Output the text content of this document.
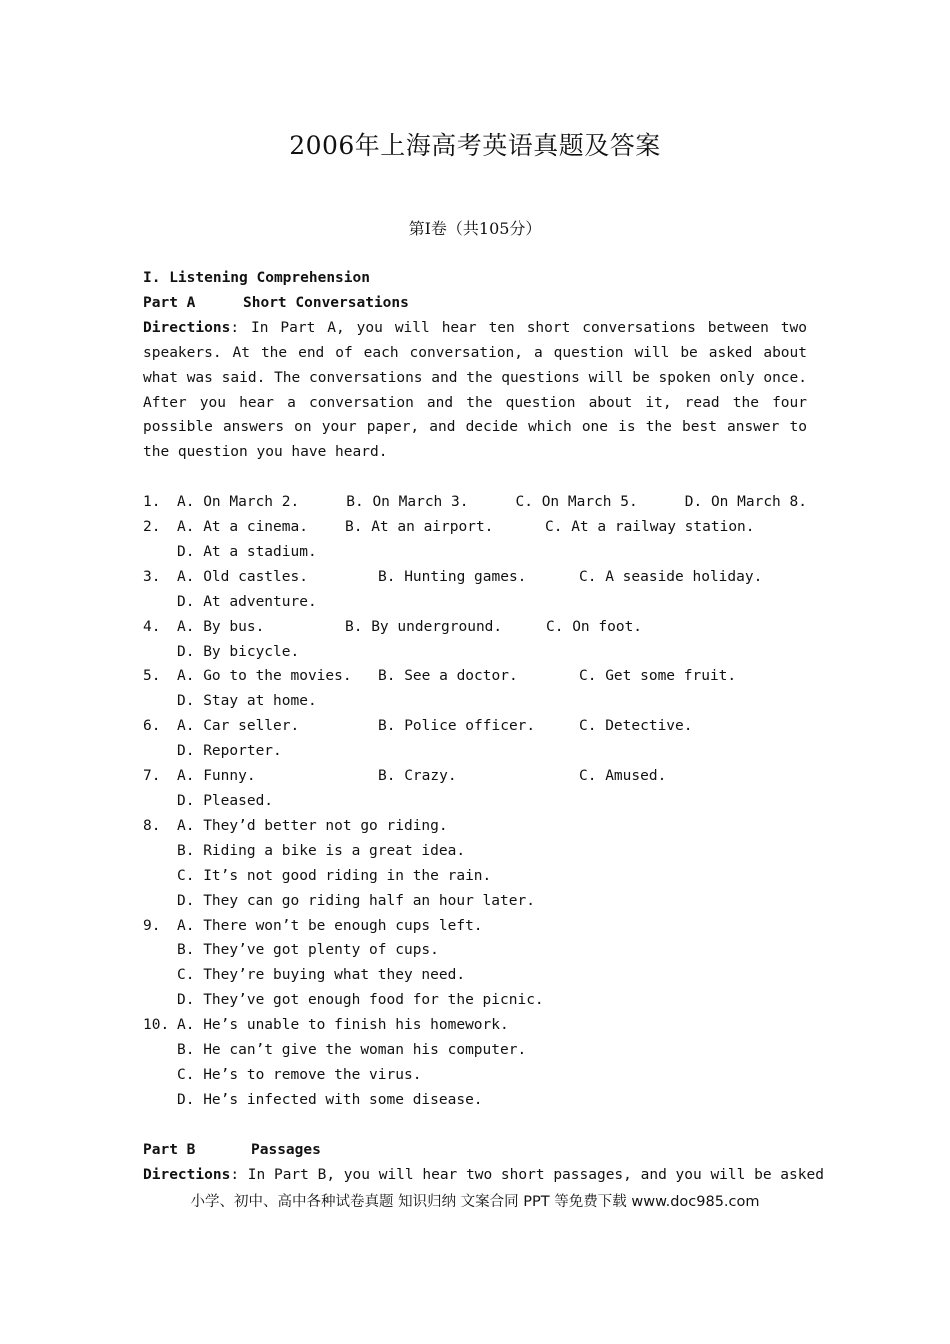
2006年上海高考英语真题及答案
第I卷（共105分）
I. Listening Comprehension
Part A	Short Conversations
Directions: In Part A, you will hear ten short conversations between two speakers. At the end of each conversation, a question will be asked about what was said. The conversations and the questions will be spoken only once. After you hear a conversation and the question about it, read the four possible answers on your paper, and decide which one is the best answer to the question you have heard.
1.	A. On March 2.	B. On March 3.	C. On March 5.	D. On March 8.
2.	A. At a cinema.	B. At an airport.	C. At a railway station.
D. At a stadium.
3.	A. Old castles.	B. Hunting games.	C. A seaside holiday.
D. At adventure.
4.	A. By bus.	B. By underground.	C. On foot.
D. By bicycle.
5.	A. Go to the movies.	B. See a doctor.	C. Get some fruit.
D. Stay at home.
6.	A. Car seller.	B. Police officer.	C. Detective.
D. Reporter.
7.	A. Funny.	B. Crazy.	C. Amused.
D. Pleased.
8.	A. They’d better not go riding.
B. Riding a bike is a great idea.
C. It’s not good riding in the rain.
D. They can go riding half an hour later.
9.	A. There won’t be enough cups left.
B. They’ve got plenty of cups.
C. They’re buying what they need.
D. They’ve got enough food for the picnic.
10. A. He’s unable to finish his homework.
B. He can’t give the woman his computer.
C. He’s to remove the virus.
D. He’s infected with some disease.
Part B	Passages
Directions: In Part B, you will hear two short passages, and you will be asked
小学、初中、高中各种试卷真题 知识归纳 文案合同 PPT 等免费下载 www.doc985.com
